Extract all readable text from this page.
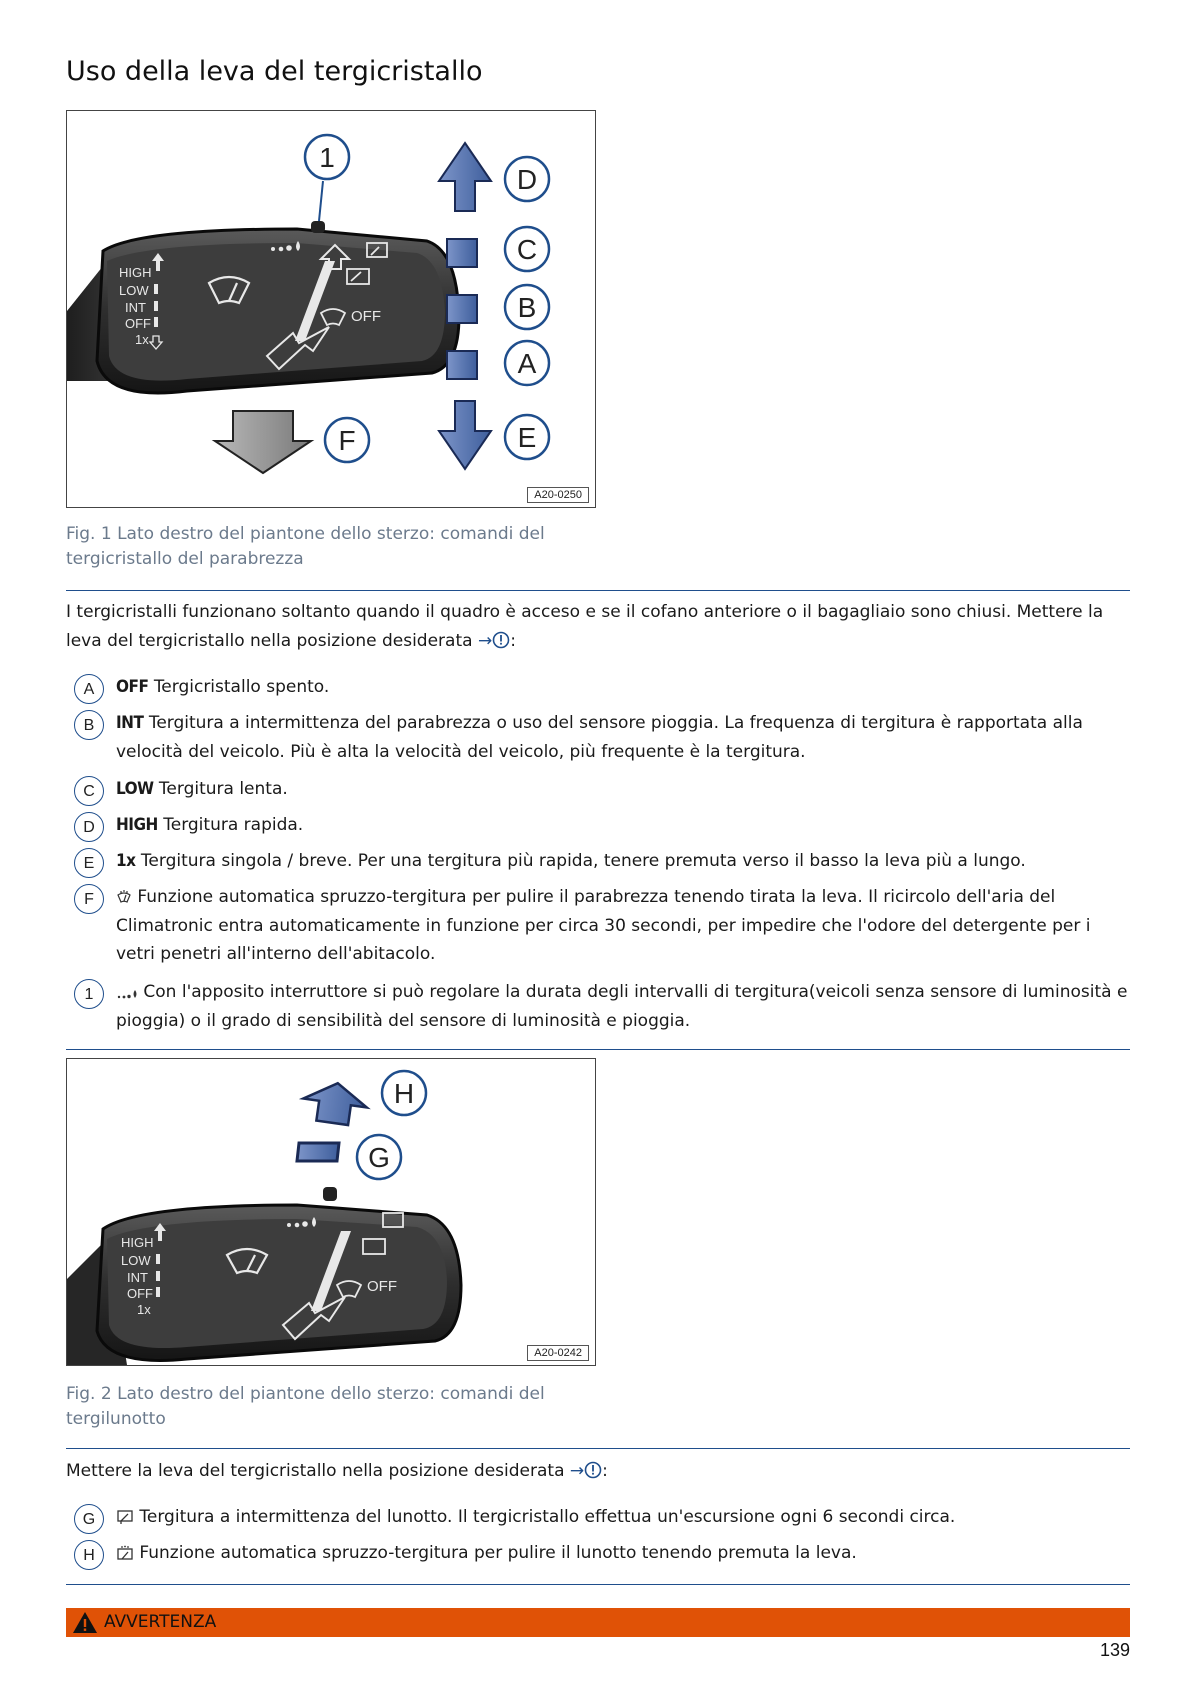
Uso della leva del tergicristallo
HIGH
LOW
INT
OFF
1x
OFF
1
D
C
B
A
E
F
A20-0250
Fig. 1 Lato destro del piantone dello sterzo: comandi del tergicristallo del parabrezza
I tergicristalli funzionano soltanto quando il quadro è acceso e se il cofano anteriore o il bagagliaio sono chiusi. Mettere la leva del tergicristallo nella posizione desiderata → :
A	OFF Tergicristallo spento.
B	INT Tergitura a intermittenza del parabrezza o uso del sensore pioggia. La frequenza di tergitura è rapportata alla velocità del veicolo. Più è alta la velocità del veicolo, più frequente è la tergitura.
C	LOW Tergitura lenta.
D	HIGH Tergitura rapida.
E	1x Tergitura singola / breve. Per una tergitura più rapida, tenere premuta verso il basso la leva più a lungo.
F	Funzione automatica spruzzo-tergitura per pulire il parabrezza tenendo tirata la leva. Il ricircolo dell'aria del Climatronic entra automaticamente in funzione per circa 30 secondi, per impedire che l'odore del detergente per i vetri penetri all'interno dell'abitacolo.
1	Con l'apposito interruttore si può regolare la durata degli intervalli di tergitura(veicoli senza sensore di luminosità e pioggia) o il grado di sensibilità del sensore di luminosità e pioggia.
HIGH
LOW
INT
OFF
1x
OFF
H
G
A20-0242
Fig. 2 Lato destro del piantone dello sterzo: comandi del tergilunotto
Mettere la leva del tergicristallo nella posizione desiderata → :
G	Tergitura a intermittenza del lunotto. Il tergicristallo effettua un'escursione ogni 6 secondi circa.
H	Funzione automatica spruzzo-tergitura per pulire il lunotto tenendo premuta la leva.
AVVERTENZA
139
